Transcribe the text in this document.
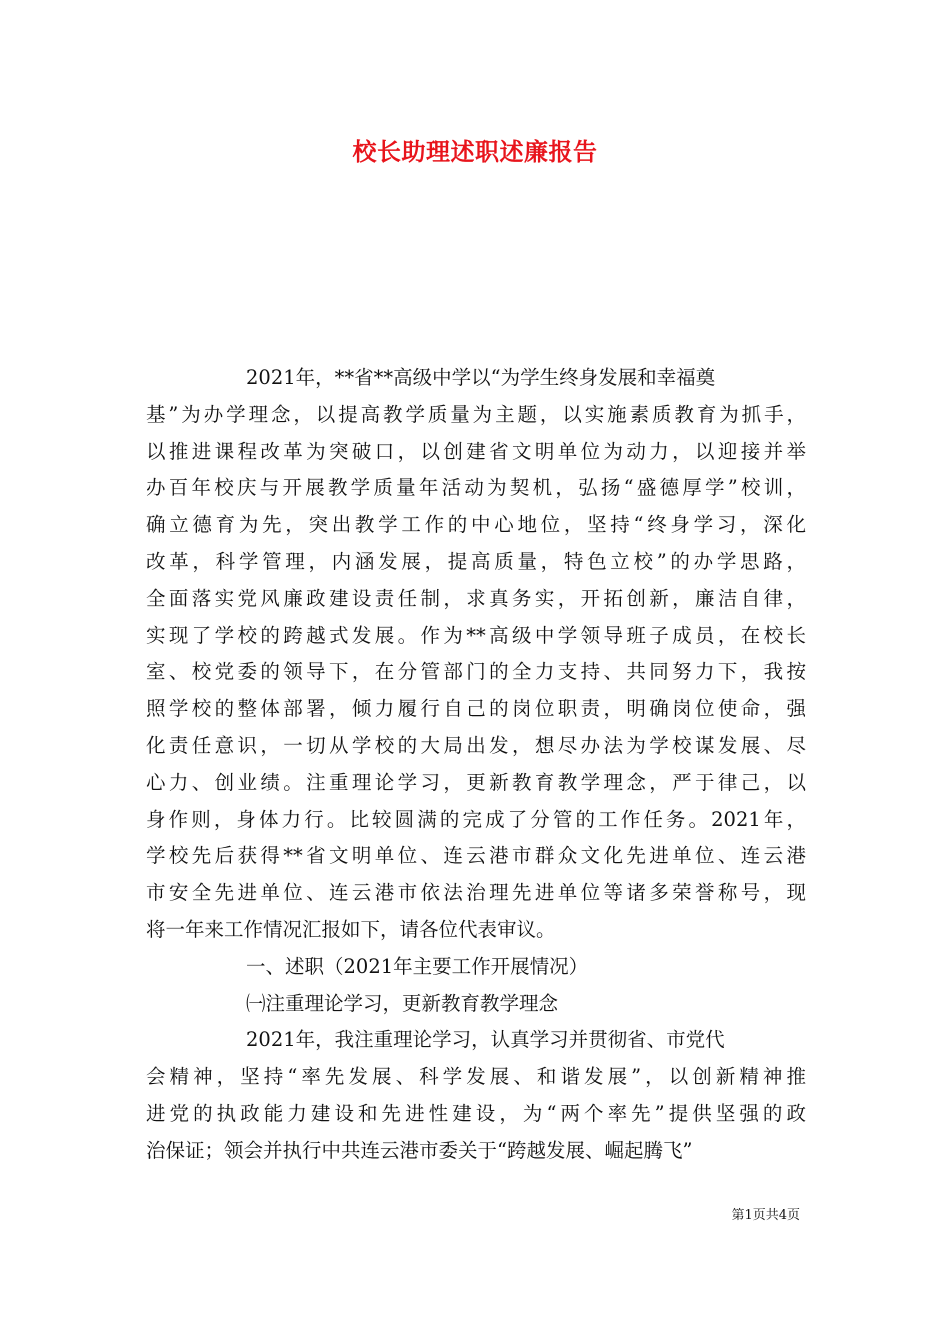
校长助理述职述廉报告
2021年，**省**高级中学以“为学生终身发展和幸福奠
基”为办学理念，以提高教学质量为主题，以实施素质教育为抓手，
以推进课程改革为突破口，以创建省文明单位为动力，以迎接并举
办百年校庆与开展教学质量年活动为契机，弘扬“盛德厚学”校训，
确立德育为先，突出教学工作的中心地位，坚持“终身学习，深化
改革，科学管理，内涵发展，提高质量，特色立校”的办学思路，
全面落实党风廉政建设责任制，求真务实，开拓创新，廉洁自律，
实现了学校的跨越式发展。作为**高级中学领导班子成员，在校长
室、校党委的领导下，在分管部门的全力支持、共同努力下，我按
照学校的整体部署，倾力履行自己的岗位职责，明确岗位使命，强
化责任意识，一切从学校的大局出发，想尽办法为学校谋发展、尽
心力、创业绩。注重理论学习，更新教育教学理念，严于律己，以
身作则，身体力行。比较圆满的完成了分管的工作任务。2021年，
学校先后获得**省文明单位、连云港市群众文化先进单位、连云港
市安全先进单位、连云港市依法治理先进单位等诸多荣誉称号，现
将一年来工作情况汇报如下，请各位代表审议。
一、述职（2021年主要工作开展情况）
㈠注重理论学习，更新教育教学理念
2021年，我注重理论学习，认真学习并贯彻省、市党代
会精神，坚持“率先发展、科学发展、和谐发展”，以创新精神推
进党的执政能力建设和先进性建设，为“两个率先”提供坚强的政
治保证；领会并执行中共连云港市委关于“跨越发展、崛起腾飞”
第1页共4页
